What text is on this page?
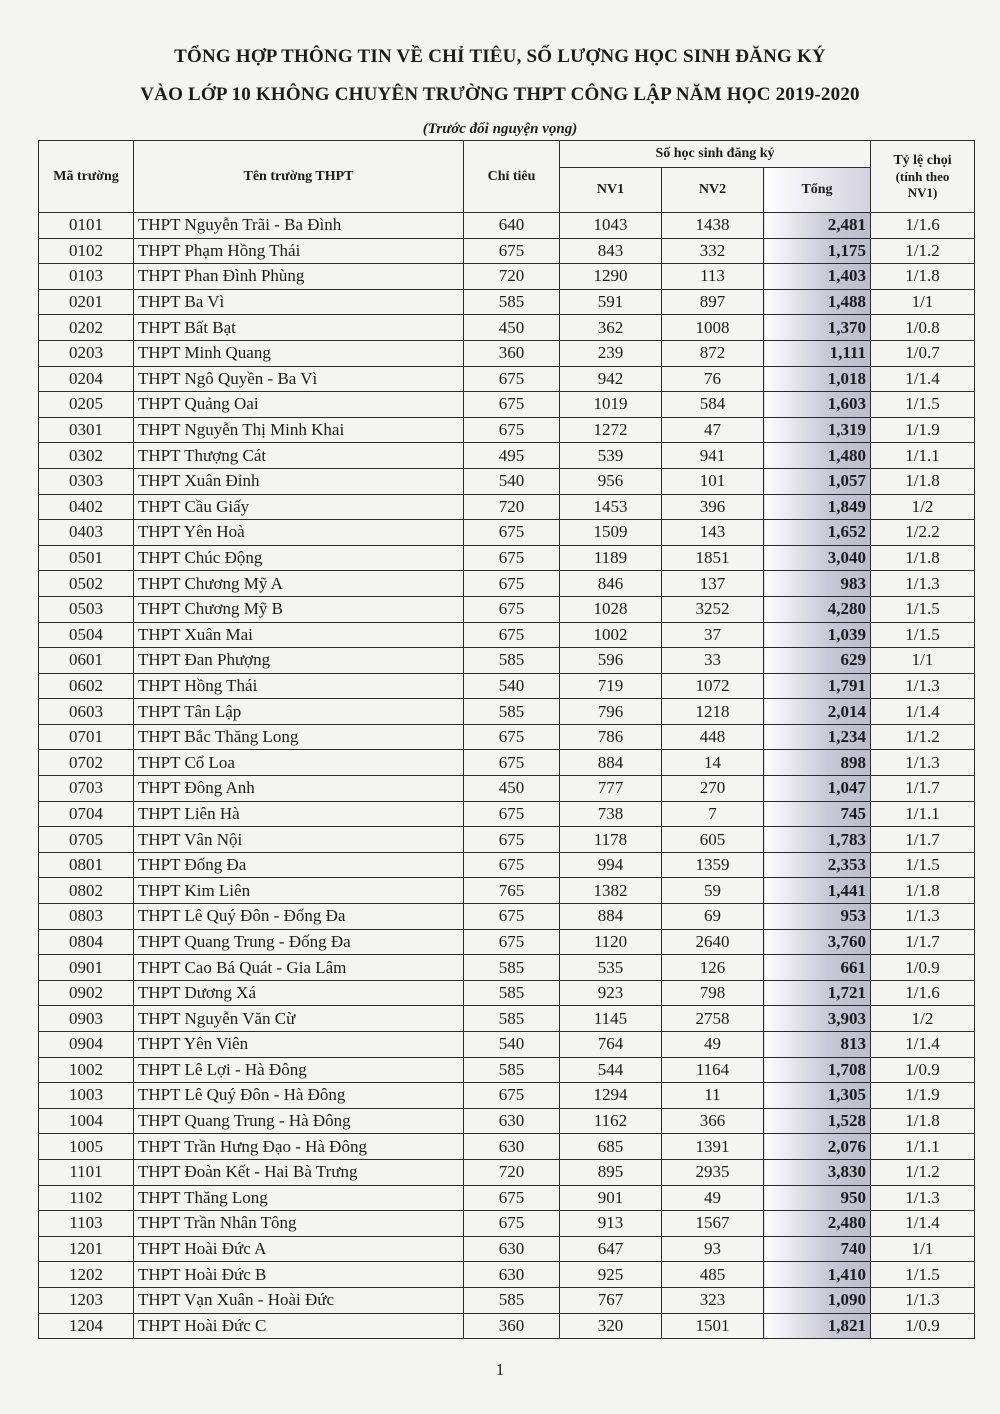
TỔNG HỢP THÔNG TIN VỀ CHỈ TIÊU, SỐ LƯỢNG HỌC SINH ĐĂNG KÝ
VÀO LỚP 10 KHÔNG CHUYÊN TRƯỜNG THPT CÔNG LẬP NĂM HỌC 2019-2020
(Trước đổi nguyện vọng)
Mã trường	Tên trường THPT	Chỉ tiêu	Số học sinh đăng ký			Tỷ lệ chọi
(tính theo
NV1)

			NV1	NV2	Tổng	
0101	THPT Nguyễn Trãi - Ba Đình	640	1043	1438	2,481	1/1.6
0102	THPT Phạm Hồng Thái	675	843	332	1,175	1/1.2
0103	THPT Phan Đình Phùng	720	1290	113	1,403	1/1.8
0201	THPT Ba Vì	585	591	897	1,488	1/1
0202	THPT Bất Bạt	450	362	1008	1,370	1/0.8
0203	THPT Minh Quang	360	239	872	1,111	1/0.7
0204	THPT Ngô Quyền - Ba Vì	675	942	76	1,018	1/1.4
0205	THPT Quảng Oai	675	1019	584	1,603	1/1.5
0301	THPT Nguyễn Thị Minh Khai	675	1272	47	1,319	1/1.9
0302	THPT Thượng Cát	495	539	941	1,480	1/1.1
0303	THPT Xuân Đỉnh	540	956	101	1,057	1/1.8
0402	THPT Cầu Giấy	720	1453	396	1,849	1/2
0403	THPT Yên Hoà	675	1509	143	1,652	1/2.2
0501	THPT Chúc Động	675	1189	1851	3,040	1/1.8
0502	THPT Chương Mỹ A	675	846	137	983	1/1.3
0503	THPT Chương Mỹ B	675	1028	3252	4,280	1/1.5
0504	THPT Xuân Mai	675	1002	37	1,039	1/1.5
0601	THPT Đan Phượng	585	596	33	629	1/1
0602	THPT Hồng Thái	540	719	1072	1,791	1/1.3
0603	THPT Tân Lập	585	796	1218	2,014	1/1.4
0701	THPT Bắc Thăng Long	675	786	448	1,234	1/1.2
0702	THPT Cổ Loa	675	884	14	898	1/1.3
0703	THPT Đông Anh	450	777	270	1,047	1/1.7
0704	THPT Liên Hà	675	738	7	745	1/1.1
0705	THPT Vân Nội	675	1178	605	1,783	1/1.7
0801	THPT Đống Đa	675	994	1359	2,353	1/1.5
0802	THPT Kim Liên	765	1382	59	1,441	1/1.8
0803	THPT Lê Quý Đôn - Đống Đa	675	884	69	953	1/1.3
0804	THPT Quang Trung - Đống Đa	675	1120	2640	3,760	1/1.7
0901	THPT Cao Bá Quát - Gia Lâm	585	535	126	661	1/0.9
0902	THPT Dương Xá	585	923	798	1,721	1/1.6
0903	THPT Nguyễn Văn Cừ	585	1145	2758	3,903	1/2
0904	THPT Yên Viên	540	764	49	813	1/1.4
1002	THPT Lê Lợi - Hà Đông	585	544	1164	1,708	1/0.9
1003	THPT Lê Quý Đôn - Hà Đông	675	1294	11	1,305	1/1.9
1004	THPT Quang Trung - Hà Đông	630	1162	366	1,528	1/1.8
1005	THPT Trần Hưng Đạo - Hà Đông	630	685	1391	2,076	1/1.1
1101	THPT Đoàn Kết - Hai Bà Trưng	720	895	2935	3,830	1/1.2
1102	THPT Thăng Long	675	901	49	950	1/1.3
1103	THPT Trần Nhân Tông	675	913	1567	2,480	1/1.4
1201	THPT Hoài Đức A	630	647	93	740	1/1
1202	THPT Hoài Đức B	630	925	485	1,410	1/1.5
1203	THPT Vạn Xuân - Hoài Đức	585	767	323	1,090	1/1.3
1204	THPT Hoài Đức C	360	320	1501	1,821	1/0.9
1
